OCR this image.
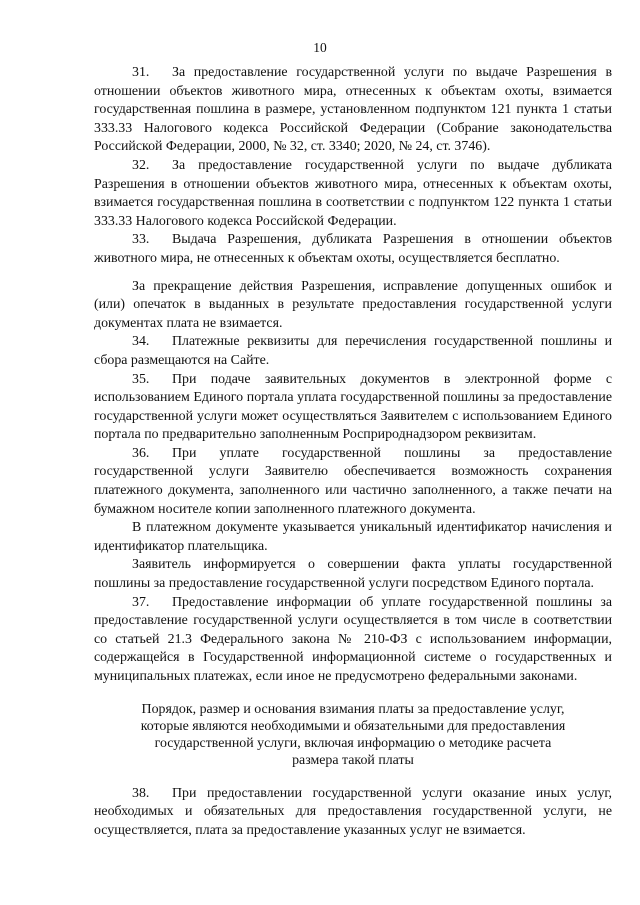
10

31. За предоставление государственной услуги по выдаче Разрешения в отношении объектов животного мира, отнесенных к объектам охоты, взимается государственная пошлина в размере, установленном подпунктом 121 пункта 1 статьи 333.33 Налогового кодекса Российской Федерации (Собрание законодательства Российской Федерации, 2000, № 32, ст. 3340; 2020, № 24, ст. 3746).

32. За предоставление государственной услуги по выдаче дубликата Разрешения в отношении объектов животного мира, отнесенных к объектам охоты, взимается государственная пошлина в соответствии с подпунктом 122 пункта 1 статьи 333.33 Налогового кодекса Российской Федерации.

33. Выдача Разрешения, дубликата Разрешения в отношении объектов животного мира, не отнесенных к объектам охоты, осуществляется бесплатно.

За прекращение действия Разрешения, исправление допущенных ошибок и (или) опечаток в выданных в результате предоставления государственной услуги документах плата не взимается.

34. Платежные реквизиты для перечисления государственной пошлины и сбора размещаются на Сайте.

35. При подаче заявительных документов в электронной форме с использованием Единого портала уплата государственной пошлины за предоставление государственной услуги может осуществляться Заявителем с использованием Единого портала по предварительно заполненным Росприроднадзором реквизитам.

36. При уплате государственной пошлины за предоставление государственной услуги Заявителю обеспечивается возможность сохранения платежного документа, заполненного или частично заполненного, а также печати на бумажном носителе копии заполненного платежного документа.

В платежном документе указывается уникальный идентификатор начисления и идентификатор плательщика.

Заявитель информируется о совершении факта уплаты государственной пошлины за предоставление государственной услуги посредством Единого портала.

37. Предоставление информации об уплате государственной пошлины за предоставление государственной услуги осуществляется в том числе в соответствии со статьей 21.3 Федерального закона № 210-ФЗ с использованием информации, содержащейся в Государственной информационной системе о государственных и муниципальных платежах, если иное не предусмотрено федеральными законами.

Порядок, размер и основания взимания платы за предоставление услуг, которые являются необходимыми и обязательными для предоставления государственной услуги, включая информацию о методике расчета размера такой платы

38. При предоставлении государственной услуги оказание иных услуг, необходимых и обязательных для предоставления государственной услуги, не осуществляется, плата за предоставление указанных услуг не взимается.
